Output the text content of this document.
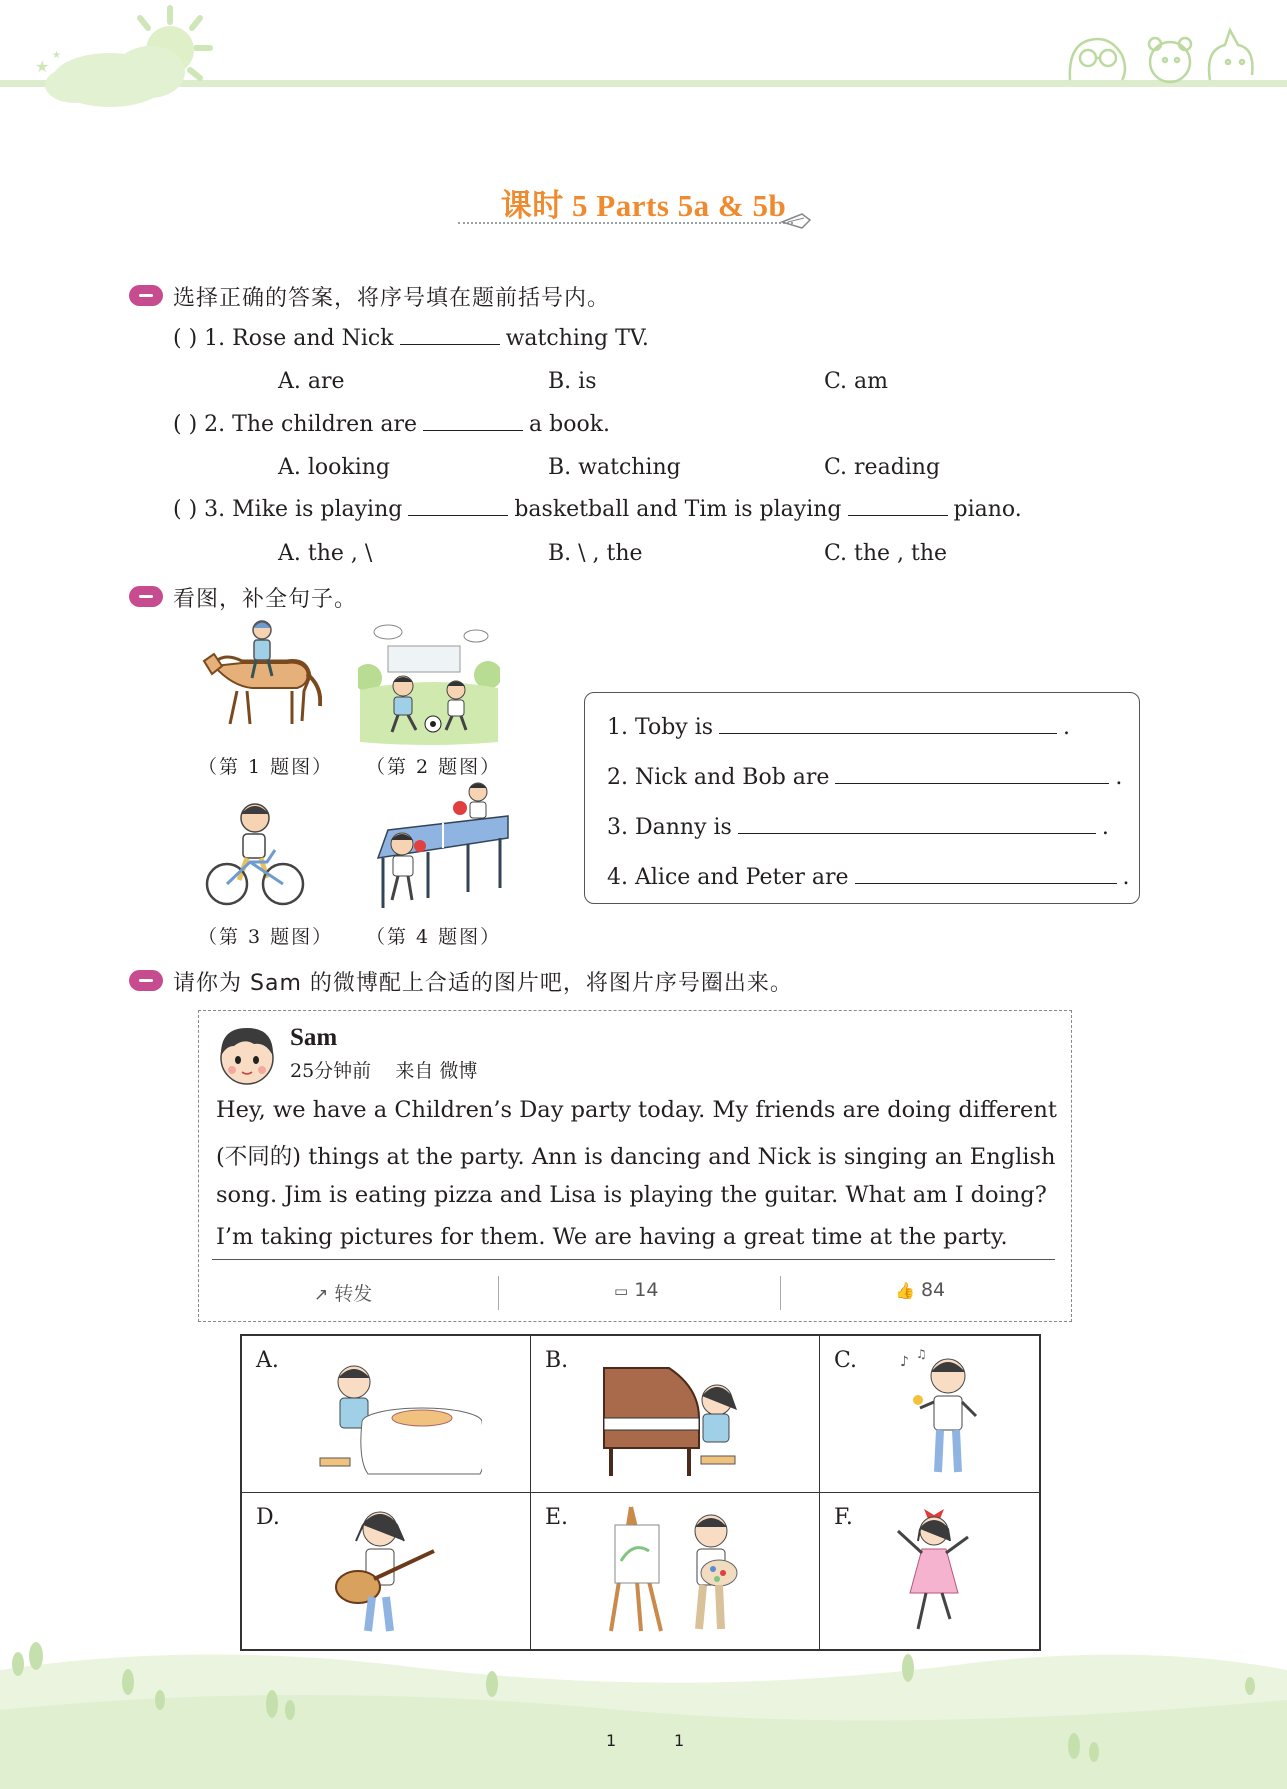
★
★
课时 5 Parts 5a & 5b
选择正确的答案，将序号填在题前括号内。
( ) 1. Rose and Nick	watching TV.
A. are	B. is	C. am
( ) 2. The children are	a book.
A. looking	B. watching	C. reading
( ) 3. Mike is playing	basketball and Tim is playing	piano.
A. the , \	B. \ , the	C. the , the
看图，补全句子。
（第 1 题图） （第 2 题图）
（第 3 题图） （第 4 题图）
1. Toby is	.
2. Nick and Bob are	.
3. Danny is	.
4. Alice and Peter are	.
请你为 Sam 的微博配上合适的图片吧，将图片序号圈出来。
Sam
25分钟前 来自 微博
Hey, we have a Children’s Day party today. My friends are doing different
(不同的) things at the party. Ann is dancing and Nick is singing an English
song. Jim is eating pizza and Lisa is playing the guitar. What am I doing?
I’m taking pictures for them. We are having a great time at the party.
↗ 转发	▭ 14	👍 84
A.	B.	C.	♪ ♫
D.	E.	F.
1	1
